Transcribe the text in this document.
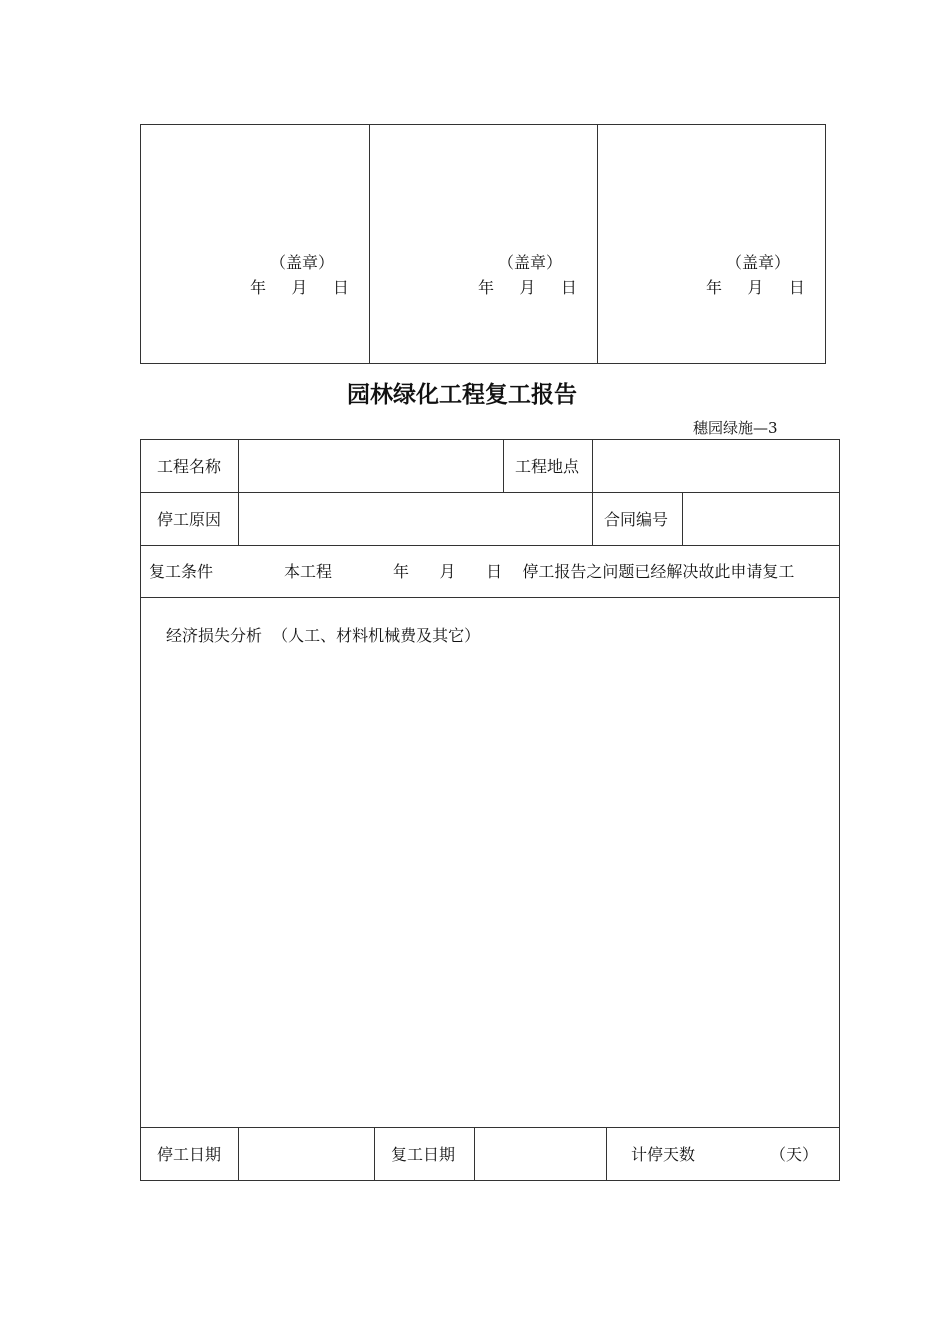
（盖章）
年     月     日
（盖章）
年     月     日
（盖章）
年     月     日
园林绿化工程复工报告
穗园绿施—3
工程名称	工程地点
停工原因	合同编号
复工条件	本工程            年      月      日    停工报告之问题已经解决故此申请复工
经济损失分析  （人工、材料机械费及其它）
停工日期	复工日期	计停天数	（天）
